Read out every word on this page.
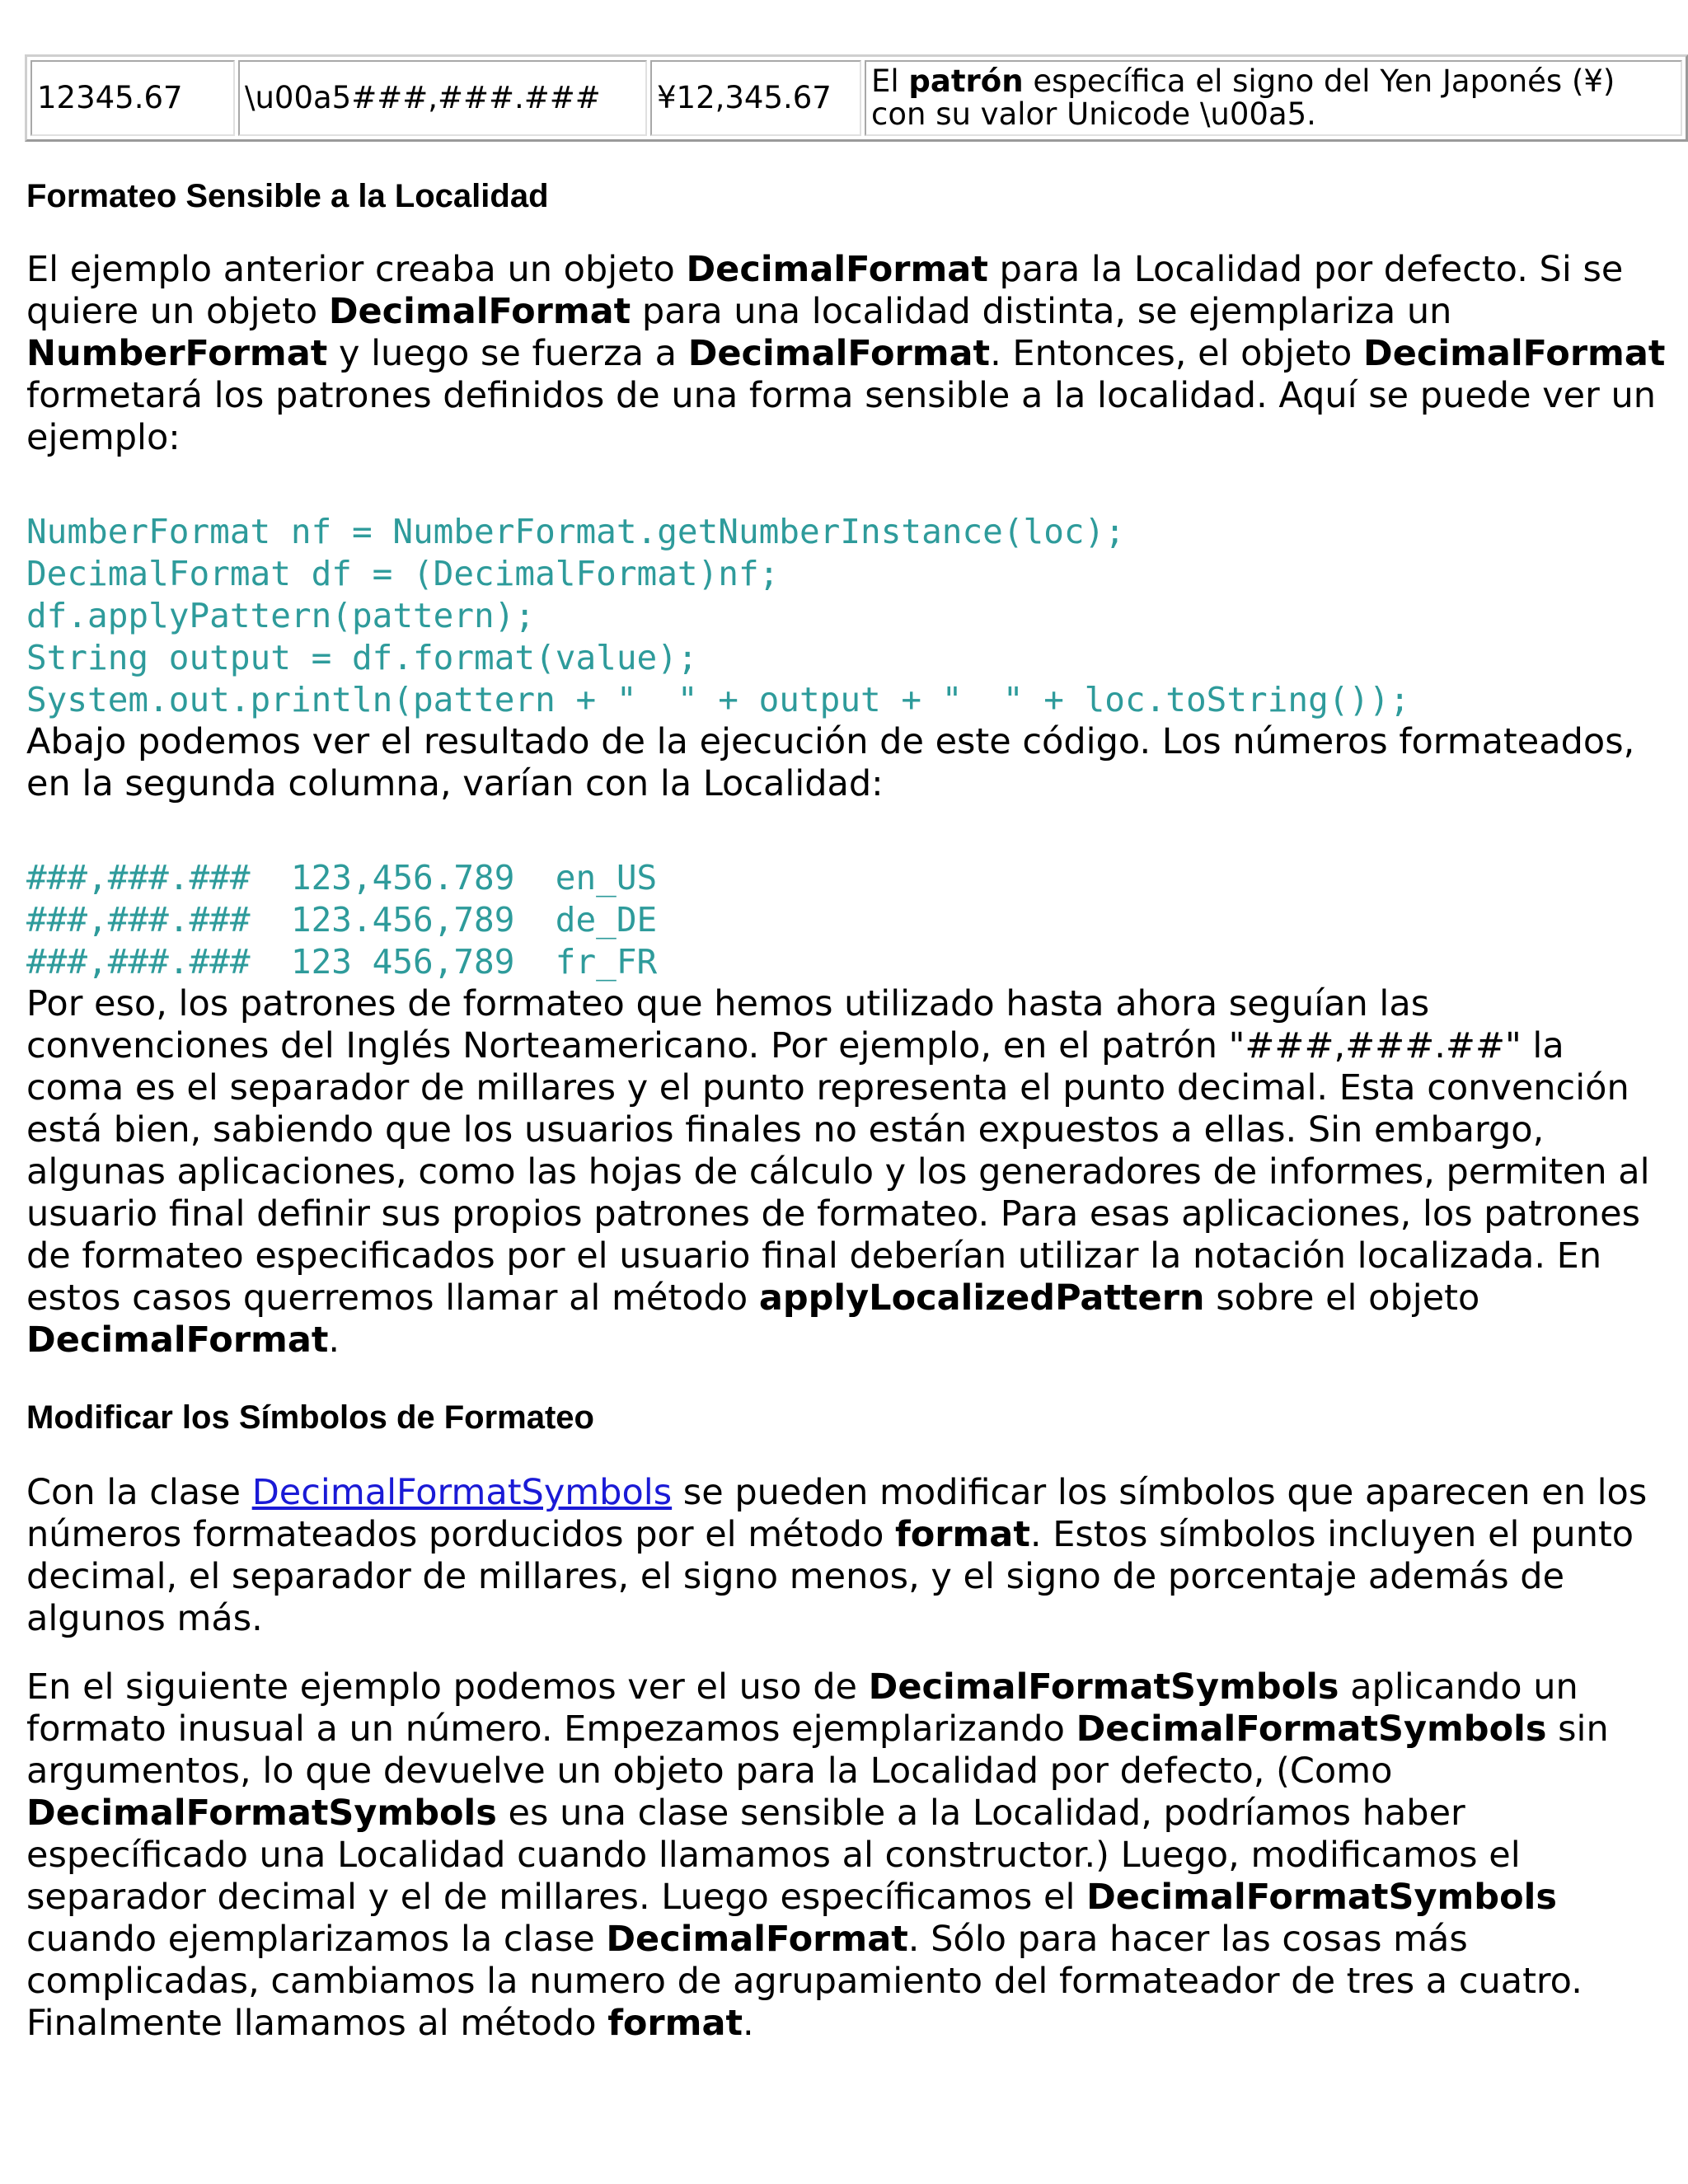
12345.67	\u00a5###,###.###	¥12,345.67	El patrón específica el signo del Yen Japonés (¥) con su valor Unicode \u00a5.
Formateo Sensible a la Localidad

El ejemplo anterior creaba un objeto DecimalFormat para la Localidad por defecto. Si se quiere un objeto DecimalFormat para una localidad distinta, se ejemplariza un NumberFormat y luego se fuerza a DecimalFormat. Entonces, el objeto DecimalFormat formetará los patrones definidos de una forma sensible a la localidad. Aquí se puede ver un ejemplo:

NumberFormat nf = NumberFormat.getNumberInstance(loc);
DecimalFormat df = (DecimalFormat)nf;
df.applyPattern(pattern);
String output = df.format(value);
System.out.println(pattern + "  " + output + "  " + loc.toString());

Abajo podemos ver el resultado de la ejecución de este código. Los números formateados, en la segunda columna, varían con la Localidad:

###,###.###  123,456.789  en_US
###,###.###  123.456,789  de_DE
###,###.###  123 456,789  fr_FR

Por eso, los patrones de formateo que hemos utilizado hasta ahora seguían las convenciones del Inglés Norteamericano. Por ejemplo, en el patrón "###,###.##" la coma es el separador de millares y el punto representa el punto decimal. Esta convención está bien, sabiendo que los usuarios finales no están expuestos a ellas. Sin embargo, algunas aplicaciones, como las hojas de cálculo y los generadores de informes, permiten al usuario final definir sus propios patrones de formateo. Para esas aplicaciones, los patrones de formateo especificados por el usuario final deberían utilizar la notación localizada. En estos casos querremos llamar al método applyLocalizedPattern sobre el objeto DecimalFormat.

Modificar los Símbolos de Formateo

Con la clase DecimalFormatSymbols se pueden modificar los símbolos que aparecen en los números formateados porducidos por el método format. Estos símbolos incluyen el punto decimal, el separador de millares, el signo menos, y el signo de porcentaje además de algunos más.

En el siguiente ejemplo podemos ver el uso de DecimalFormatSymbols aplicando un formato inusual a un número. Empezamos ejemplarizando DecimalFormatSymbols sin argumentos, lo que devuelve un objeto para la Localidad por defecto, (Como DecimalFormatSymbols es una clase sensible a la Localidad, podríamos haber específicado una Localidad cuando llamamos al constructor.) Luego, modificamos el separador decimal y el de millares. Luego específicamos el DecimalFormatSymbols cuando ejemplarizamos la clase DecimalFormat. Sólo para hacer las cosas más complicadas, cambiamos la numero de agrupamiento del formateador de tres a cuatro. Finalmente llamamos al método format.
